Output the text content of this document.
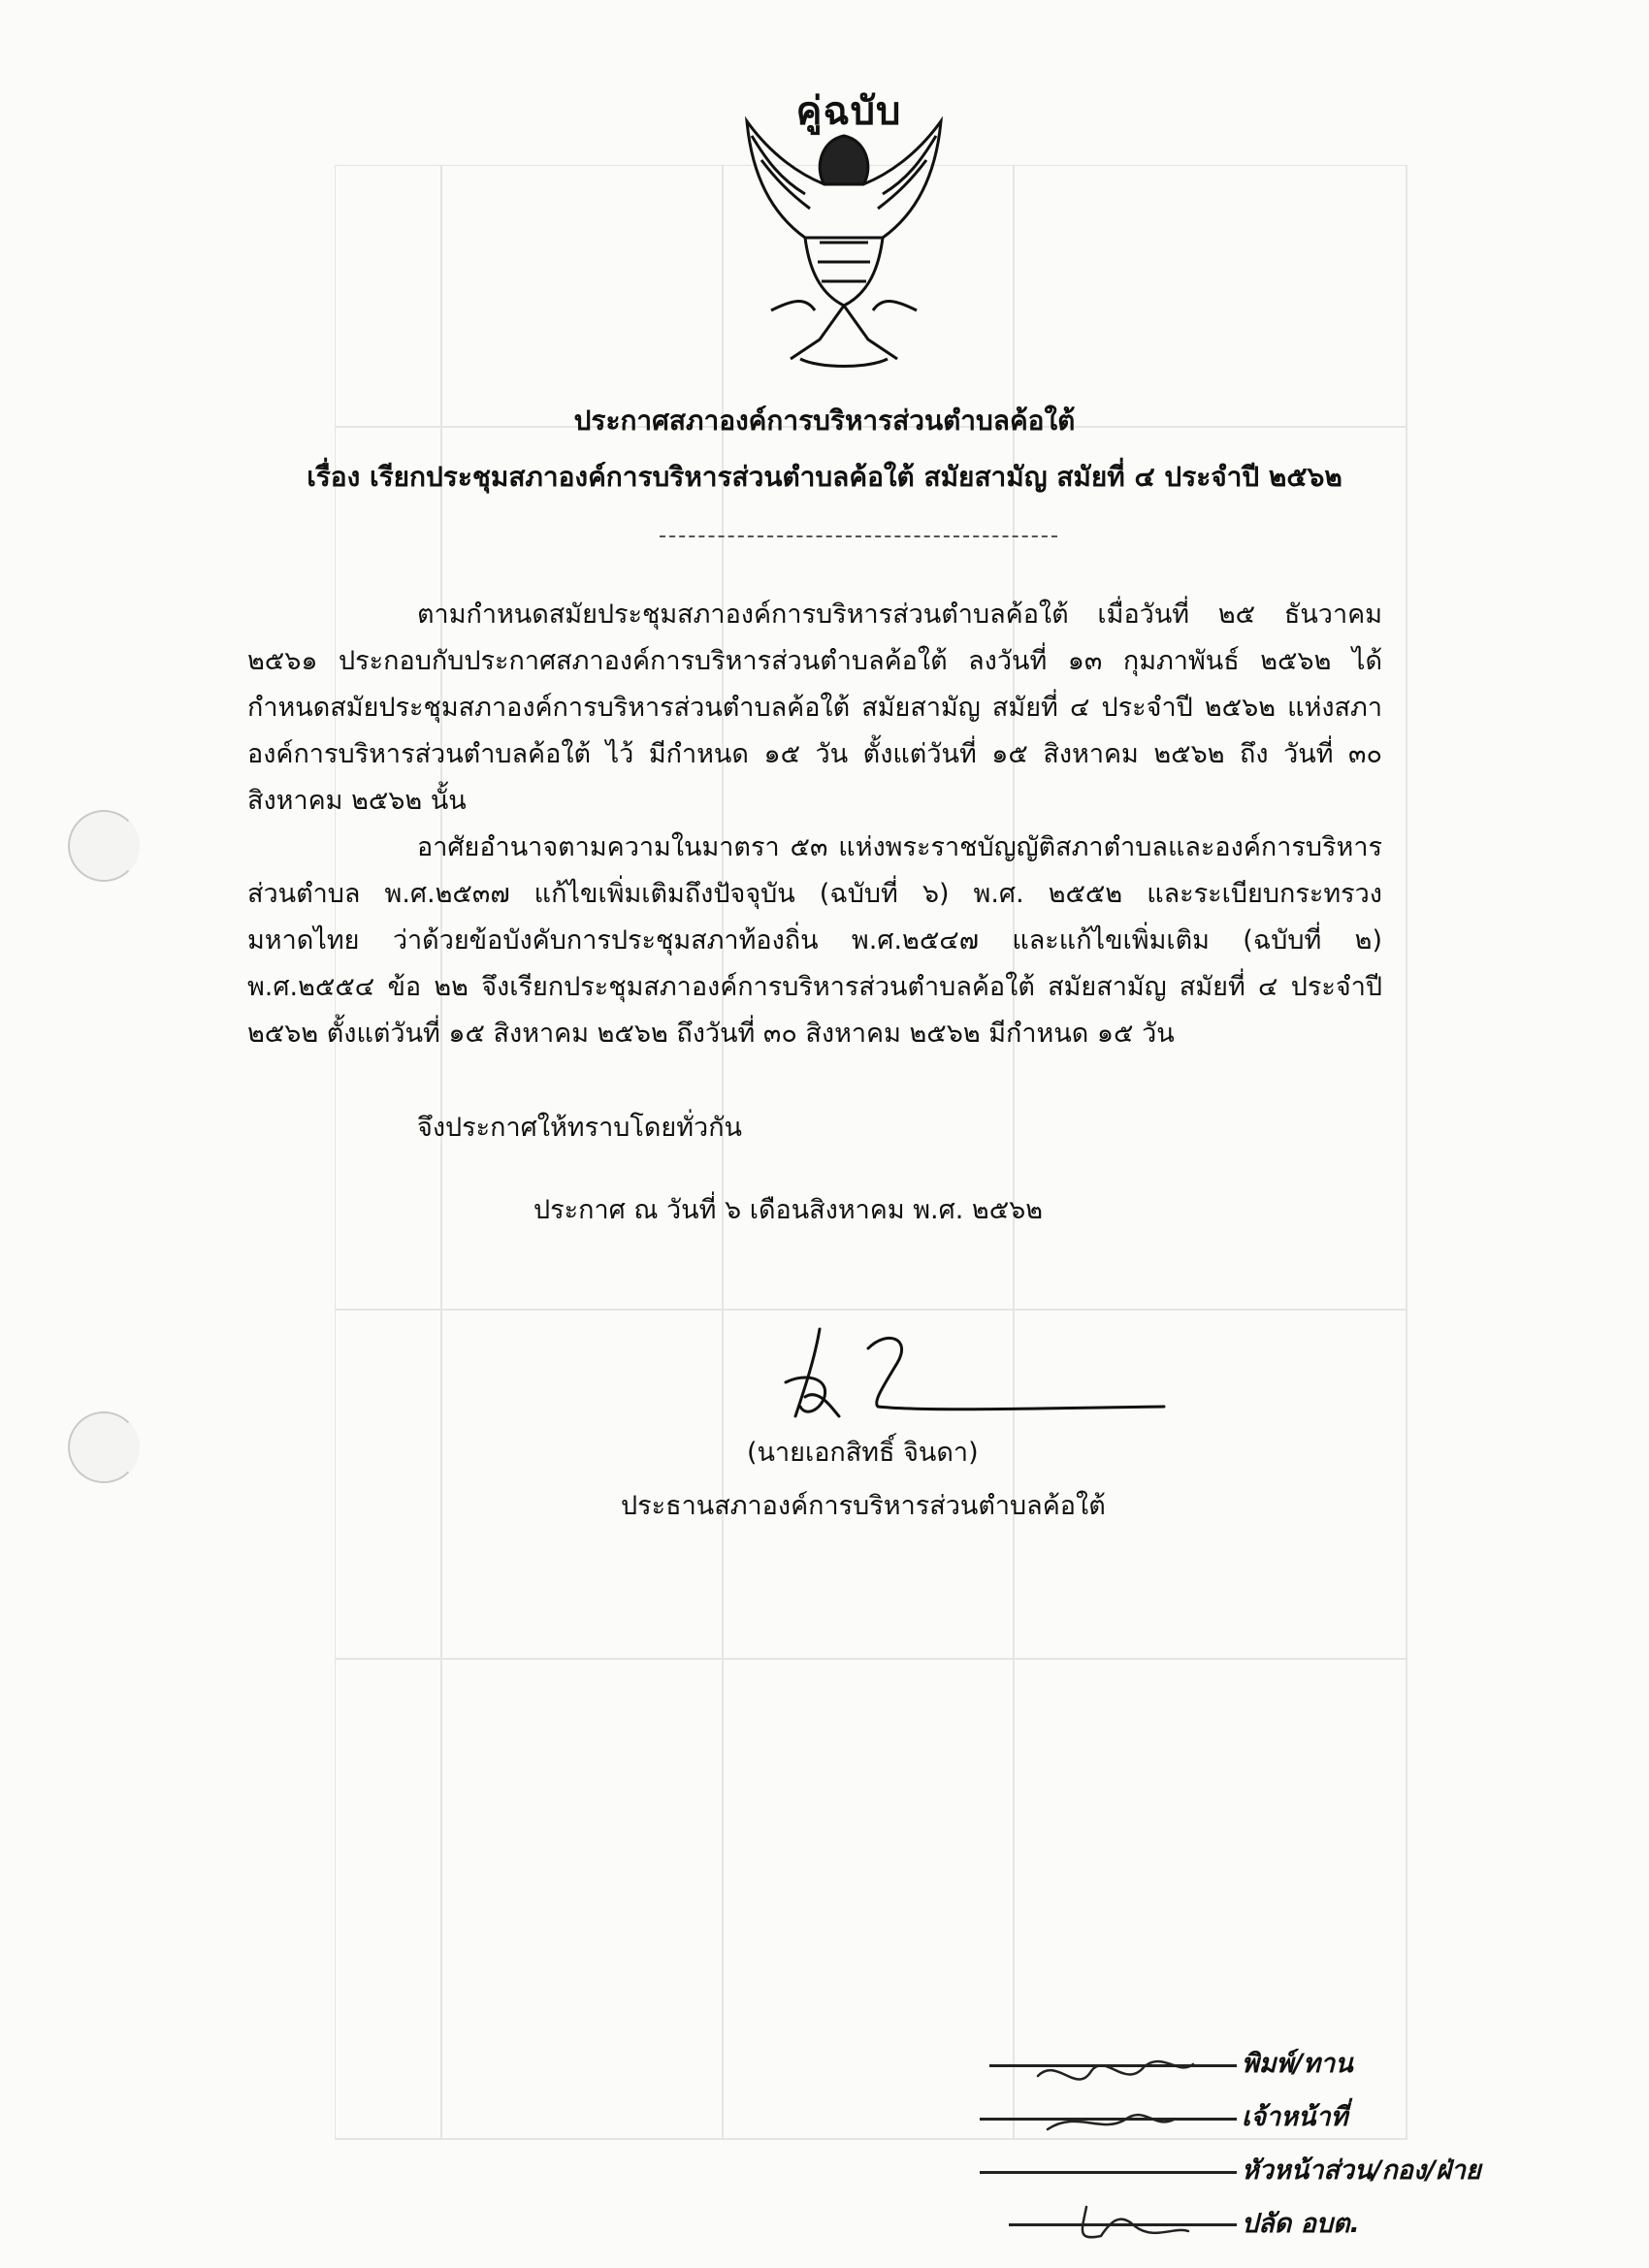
คู่ฉบับ
ประกาศสภาองค์การบริหารส่วนตำบลค้อใต้
เรื่อง เรียกประชุมสภาองค์การบริหารส่วนตำบลค้อใต้ สมัยสามัญ สมัยที่ ๔ ประจำปี ๒๕๖๒
ตามกำหนดสมัยประชุมสภาองค์การบริหารส่วนตำบลค้อใต้ เมื่อวันที่ ๒๕ ธันวาคม ๒๕๖๑ ประกอบกับประกาศสภาองค์การบริหารส่วนตำบลค้อใต้ ลงวันที่ ๑๓ กุมภาพันธ์ ๒๕๖๒ ได้กำหนดสมัยประชุมสภาองค์การบริหารส่วนตำบลค้อใต้ สมัยสามัญ สมัยที่ ๔ ประจำปี ๒๕๖๒ แห่งสภาองค์การบริหารส่วนตำบลค้อใต้ ไว้ มีกำหนด ๑๕ วัน ตั้งแต่วันที่ ๑๕ สิงหาคม ๒๕๖๒ ถึง วันที่ ๓๐ สิงหาคม ๒๕๖๒ นั้น
อาศัยอำนาจตามความในมาตรา ๕๓ แห่งพระราชบัญญัติสภาตำบลและองค์การบริหารส่วนตำบล พ.ศ.๒๕๓๗ แก้ไขเพิ่มเติมถึงปัจจุบัน (ฉบับที่ ๖) พ.ศ. ๒๕๕๒ และระเบียบกระทรวงมหาดไทย ว่าด้วยข้อบังคับการประชุมสภาท้องถิ่น พ.ศ.๒๕๔๗ และแก้ไขเพิ่มเติม (ฉบับที่ ๒) พ.ศ.๒๕๕๔ ข้อ ๒๒ จึงเรียกประชุมสภาองค์การบริหารส่วนตำบลค้อใต้ สมัยสามัญ สมัยที่ ๔ ประจำปี ๒๕๖๒ ตั้งแต่วันที่ ๑๕ สิงหาคม ๒๕๖๒ ถึงวันที่ ๓๐ สิงหาคม ๒๕๖๒ มีกำหนด ๑๕ วัน
จึงประกาศให้ทราบโดยทั่วกัน
ประกาศ ณ วันที่ ๖ เดือนสิงหาคม พ.ศ. ๒๕๖๒
(นายเอกสิทธิ์ จินดา)
ประธานสภาองค์การบริหารส่วนตำบลค้อใต้
พิมพ์/ทาน
เจ้าหน้าที่
หัวหน้าส่วน/กอง/ฝ่าย
ปลัด อบต.
